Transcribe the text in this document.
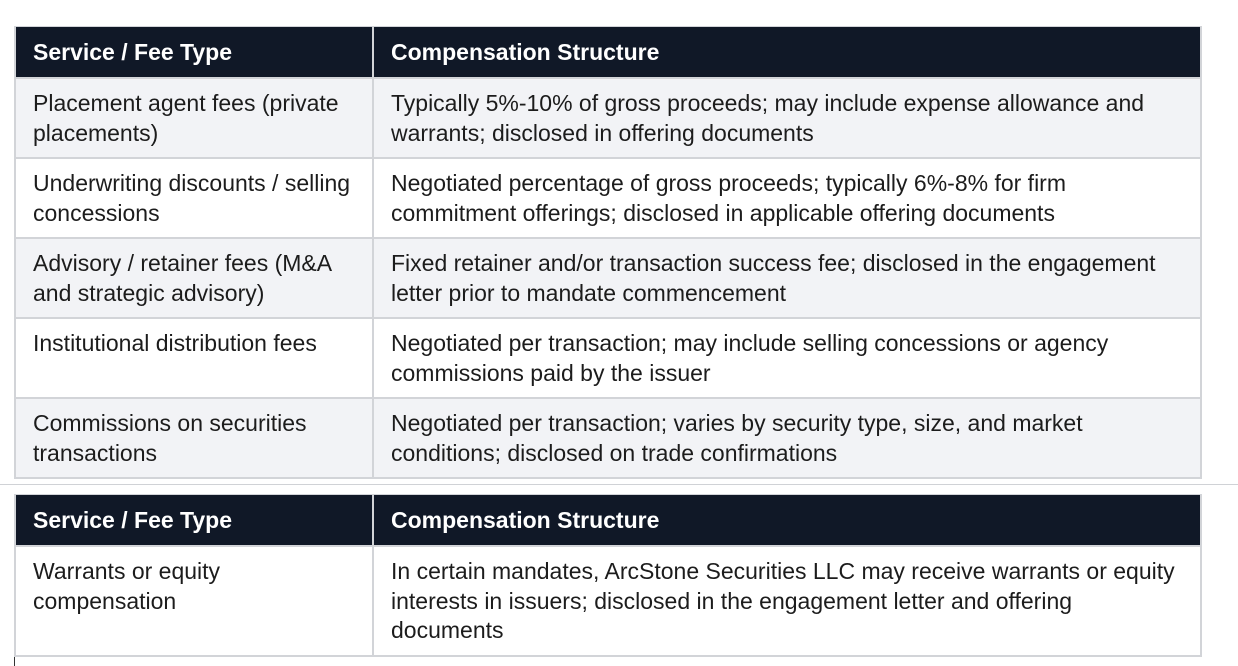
Service / Fee Type	Compensation Structure
Placement agent fees (private placements)	Typically 5%-10% of gross proceeds; may include expense allowance and warrants; disclosed in offering documents
Underwriting discounts / selling concessions	Negotiated percentage of gross proceeds; typically 6%-8% for firm commitment offerings; disclosed in applicable offering documents
Advisory / retainer fees (M&A and strategic advisory)	Fixed retainer and/or transaction success fee; disclosed in the engagement letter prior to mandate commencement
Institutional distribution fees	Negotiated per transaction; may include selling concessions or agency commissions paid by the issuer
Commissions on securities transactions	Negotiated per transaction; varies by security type, size, and market conditions; disclosed on trade confirmations
Service / Fee Type	Compensation Structure
Warrants or equity compensation	In certain mandates, ArcStone Securities LLC may receive warrants or equity interests in issuers; disclosed in the engagement letter and offering documents
